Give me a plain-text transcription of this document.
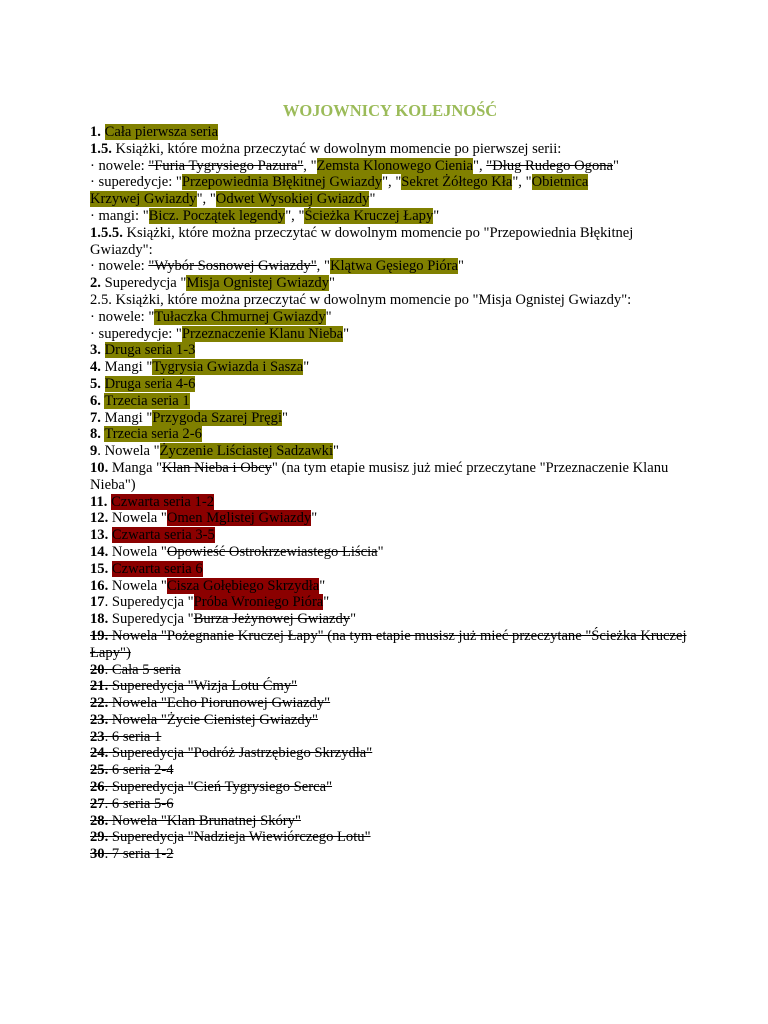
WOJOWNICY KOLEJNOŚĆ
1. Cała pierwsza seria
1.5. Książki, które można przeczytać w dowolnym momencie po pierwszej serii:
· nowele: "Furia Tygrysiego Pazura", "Zemsta Klonowego Cienia", "Dług Rudego Ogona"
· superedycje: "Przepowiednia Błękitnej Gwiazdy", "Sekret Żółtego Kła", "Obietnica
Krzywej Gwiazdy", "Odwet Wysokiej Gwiazdy"
· mangi: "Bicz. Początek legendy", "Ścieżka Kruczej Łapy"
1.5.5. Książki, które można przeczytać w dowolnym momencie po "Przepowiednia Błękitnej Gwiazdy":
· nowele: "Wybór Sosnowej Gwiazdy", "Klątwa Gęsiego Pióra"
2. Superedycja "Misja Ognistej Gwiazdy"
2.5. Książki, które można przeczytać w dowolnym momencie po "Misja Ognistej Gwiazdy":
· nowele: "Tułaczka Chmurnej Gwiazdy"
· superedycje: "Przeznaczenie Klanu Nieba"
3. Druga seria 1-3
4. Mangi "Tygrysia Gwiazda i Sasza"
5. Druga seria 4-6
6. Trzecia seria 1
7. Mangi "Przygoda Szarej Pręgi"
8. Trzecia seria 2-6
9. Nowela "Życzenie Liściastej Sadzawki"
10. Manga "Klan Nieba i Obcy" (na tym etapie musisz już mieć przeczytane "Przeznaczenie Klanu Nieba")
11. Czwarta seria 1-2
12. Nowela "Omen Mglistej Gwiazdy"
13. Czwarta seria 3-5
14. Nowela "Opowieść Ostrokrzewiastego Liścia"
15. Czwarta seria 6
16. Nowela "Cisza Gołębiego Skrzydła"
17. Superedycja "Próba Wroniego Pióra"
18. Superedycja "Burza Jeżynowej Gwiazdy"
19. Nowela "Pożegnanie Kruczej Łapy" (na tym etapie musisz już mieć przeczytane "Ścieżka Kruczej Łapy")
20. Cała 5 seria
21. Superedycja "Wizja Lotu Ćmy"
22. Nowela "Echo Piorunowej Gwiazdy"
23. Nowela "Życie Cienistej Gwiazdy"
23. 6 seria 1
24. Superedycja "Podróż Jastrzębiego Skrzydła"
25. 6 seria 2-4
26. Superedycja "Cień Tygrysiego Serca"
27. 6 seria 5-6
28. Nowela "Klan Brunatnej Skóry"
29. Superedycja "Nadzieja Wiewiórczego Lotu"
30. 7 seria 1-2
